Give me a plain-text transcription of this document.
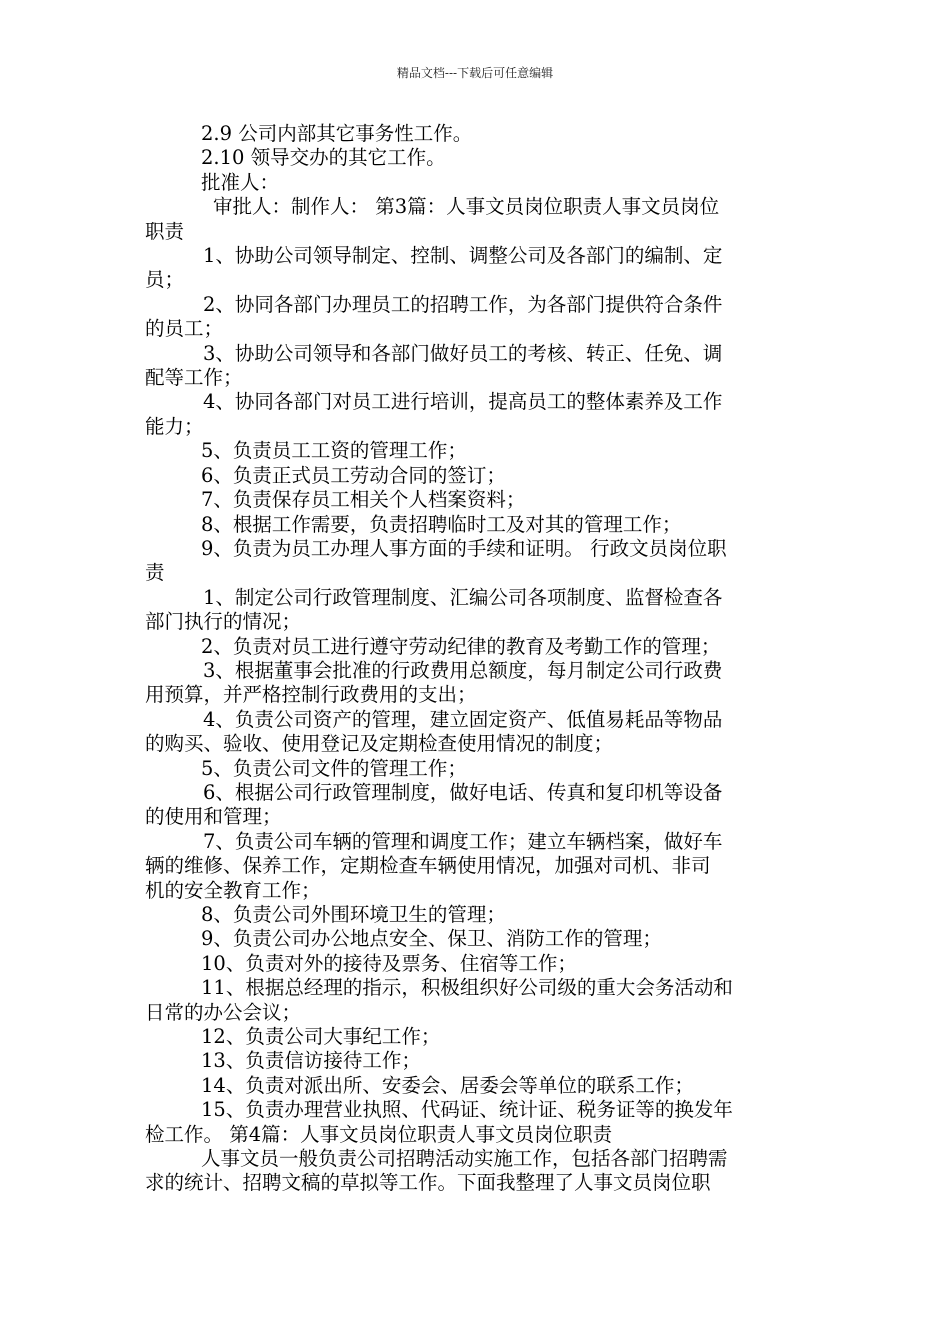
精品文档---下载后可任意编辑

2.9 公司内部其它事务性工作。

2.10 领导交办的其它工作。

批准人：

审批人：制作人： 第3篇：人事文员岗位职责人事文员岗位

职责

1、协助公司领导制定、控制、调整公司及各部门的编制、定

员；

2、协同各部门办理员工的招聘工作，为各部门提供符合条件

的员工；

3、协助公司领导和各部门做好员工的考核、转正、任免、调

配等工作；

4、协同各部门对员工进行培训，提高员工的整体素养及工作

能力；

5、负责员工工资的管理工作；

6、负责正式员工劳动合同的签订；

7、负责保存员工相关个人档案资料；

8、根据工作需要，负责招聘临时工及对其的管理工作；

9、负责为员工办理人事方面的手续和证明。 行政文员岗位职

责

1、制定公司行政管理制度、汇编公司各项制度、监督检查各

部门执行的情况；

2、负责对员工进行遵守劳动纪律的教育及考勤工作的管理；

3、根据董事会批准的行政费用总额度，每月制定公司行政费

用预算，并严格控制行政费用的支出；

4、负责公司资产的管理，建立固定资产、低值易耗品等物品

的购买、验收、使用登记及定期检查使用情况的制度；

5、负责公司文件的管理工作；

6、根据公司行政管理制度，做好电话、传真和复印机等设备

的使用和管理；

7、负责公司车辆的管理和调度工作；建立车辆档案，做好车

辆的维修、保养工作，定期检查车辆使用情况，加强对司机、非司

机的安全教育工作；

8、负责公司外围环境卫生的管理；

9、负责公司办公地点安全、保卫、消防工作的管理；

10、负责对外的接待及票务、住宿等工作；

11、根据总经理的指示，积极组织好公司级的重大会务活动和

日常的办公会议；

12、负责公司大事纪工作；

13、负责信访接待工作；

14、负责对派出所、安委会、居委会等单位的联系工作；

15、负责办理营业执照、代码证、统计证、税务证等的换发年

检工作。 第4篇：人事文员岗位职责人事文员岗位职责

人事文员一般负责公司招聘活动实施工作，包括各部门招聘需

求的统计、招聘文稿的草拟等工作。下面我整理了人事文员岗位职
